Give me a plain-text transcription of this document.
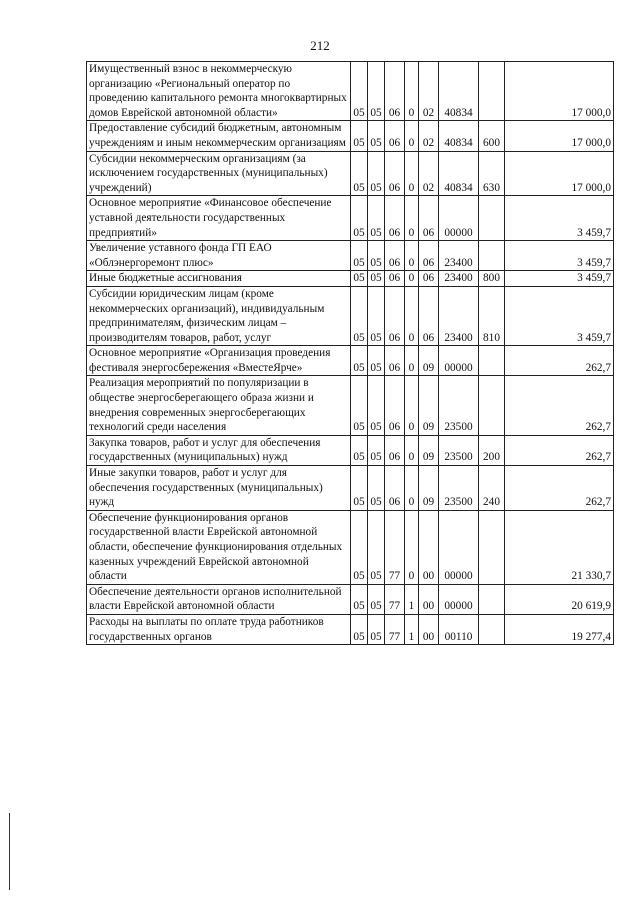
212
Имущественный взнос в некоммерческую организацию «Региональный оператор по проведению капитального ремонта многоквартирных домов Еврейской автономной области»	05	05	06	0	02	40834		17 000,0
Предоставление субсидий бюджетным, автономным учреждениям и иным некоммерческим организациям	05	05	06	0	02	40834	600	17 000,0
Субсидии некоммерческим организациям (за исключением государственных (муниципальных) учреждений)	05	05	06	0	02	40834	630	17 000,0
Основное мероприятие «Финансовое обеспечение уставной деятельности государственных предприятий»	05	05	06	0	06	00000		3 459,7
Увеличение уставного фонда ГП ЕАО «Облэнергоремонт плюс»	05	05	06	0	06	23400		3 459,7
Иные бюджетные ассигнования	05	05	06	0	06	23400	800	3 459,7
Субсидии юридическим лицам (кроме некоммерческих организаций), индивидуальным предпринимателям, физическим лицам – производителям товаров, работ, услуг	05	05	06	0	06	23400	810	3 459,7
Основное мероприятие «Организация проведения фестиваля энергосбережения «ВместеЯрче»	05	05	06	0	09	00000		262,7
Реализация мероприятий по популяризации в обществе энергосберегающего образа жизни и внедрения современных энергосберегающих технологий среди населения	05	05	06	0	09	23500		262,7
Закупка товаров, работ и услуг для обеспечения государственных (муниципальных) нужд	05	05	06	0	09	23500	200	262,7
Иные закупки товаров, работ и услуг для обеспечения государственных (муниципальных) нужд	05	05	06	0	09	23500	240	262,7
Обеспечение функционирования органов государственной власти Еврейской автономной области, обеспечение функционирования отдельных казенных учреждений Еврейской автономной области	05	05	77	0	00	00000		21 330,7
Обеспечение деятельности органов исполнительной власти Еврейской автономной области	05	05	77	1	00	00000		20 619,9
Расходы на выплаты по оплате труда работников государственных органов	05	05	77	1	00	00110		19 277,4
